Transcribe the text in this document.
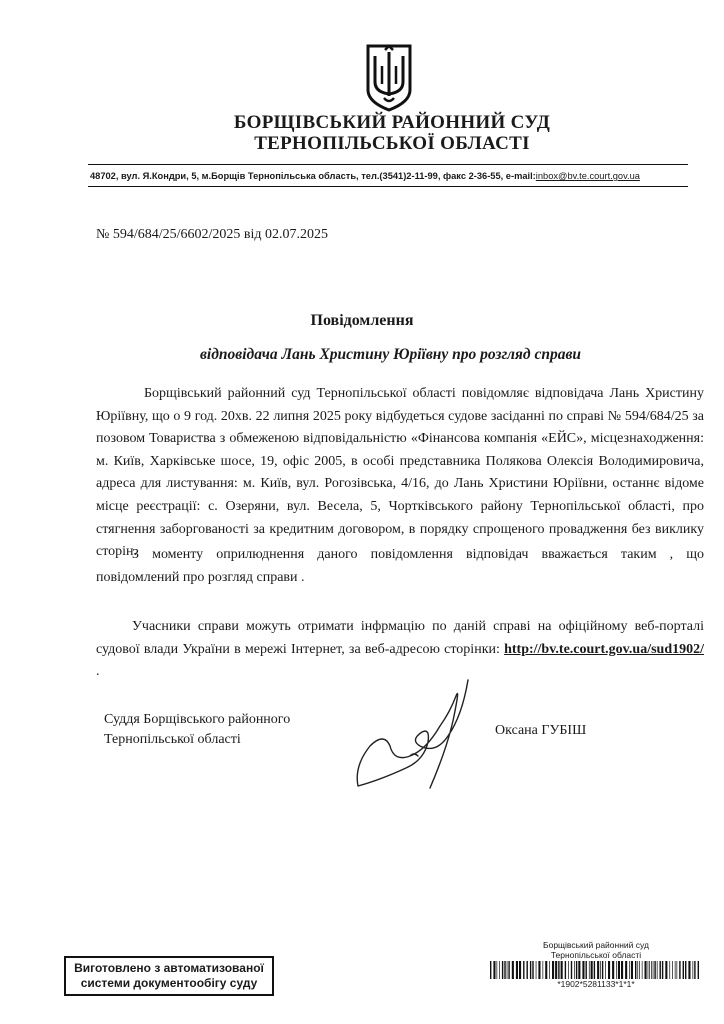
БОРЩІВСЬКИЙ РАЙОННИЙ СУД
ТЕРНОПІЛЬСЬКОЇ ОБЛАСТІ
48702, вул. Я.Кондри, 5, м.Борщів Тернопільська область, тел.(3541)2-11-99, факс 2-36-55, e-mail:inbox@bv.te.court.gov.ua
№ 594/684/25/6602/2025 від 02.07.2025
Повідомлення
відповідача Лань Христину Юріївну про розгляд справи
Борщівський районний суд Тернопільської області повідомляє відповідача Лань Христину Юріївну, що о 9 год. 20хв. 22 липня 2025 року відбудеться судове засіданні по справі № 594/684/25 за позовом Товариства з обмеженою відповідальністю «Фінансова компанія «ЕЙС», місцезнаходження: м. Київ, Харківське шосе, 19, офіс 2005, в особі представника Полякова Олексія Володимировича, адреса для листування: м. Київ, вул. Рогозівська, 4/16, до Лань Христини Юріївни, останнє відоме місце реєстрації: с. Озеряни, вул. Весела, 5, Чортківського району Тернопільської області, про стягнення заборгованості за кредитним договором, в порядку спрощеного провадження без виклику сторін.
З моменту оприлюднення даного повідомлення відповідач вважається таким , що повідомлений про розгляд справи .
Учасники справи можуть отримати інфрмацію по даній справі на офіційному веб-порталі судової влади України в мережі Інтернет, за веб-адресою сторінки: http://bv.te.court.gov.ua/sud1902/ .
Суддя Борщівського районного
Тернопільської області
Оксана ГУБІШ
Виготовлено з автоматизованої
системи документообігу суду
Борщівський районний суд
Тернопільської області
*1902*5281133*1*1*
